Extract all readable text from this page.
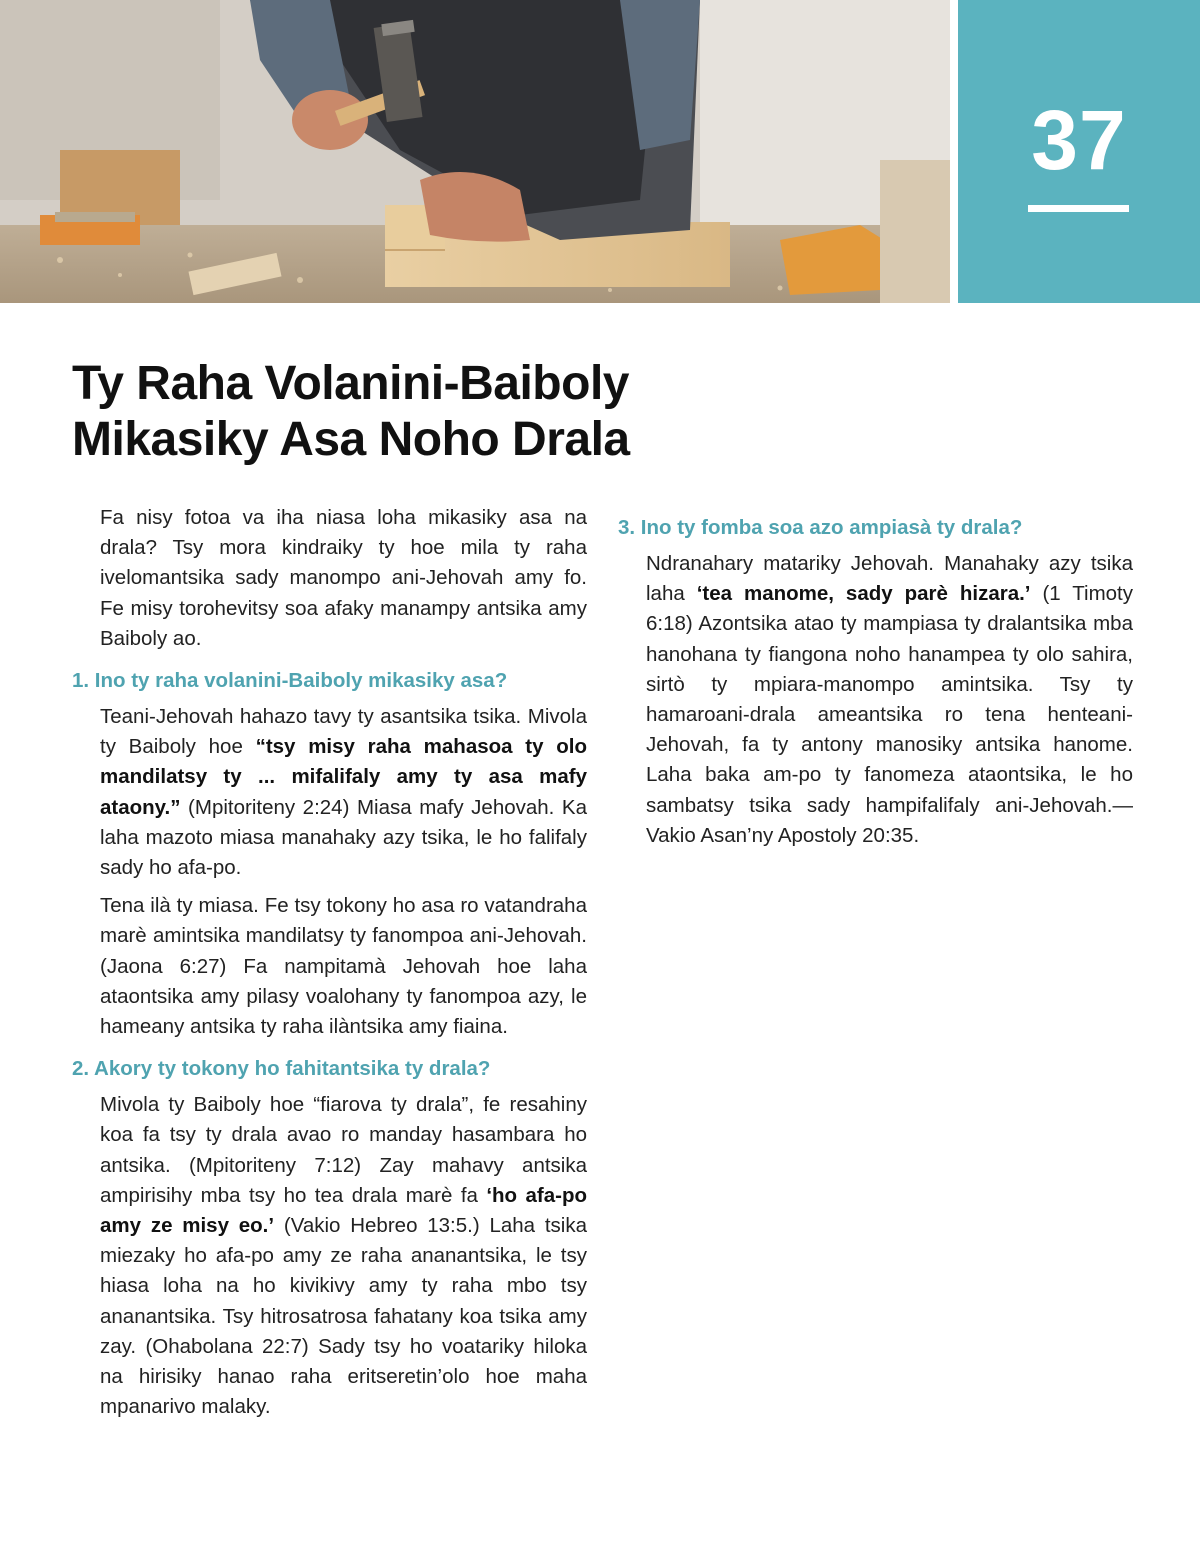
37
Ty Raha Volanini-Baiboly
Mikasiky Asa Noho Drala

Fa nisy fotoa va iha niasa loha mikasiky asa na drala? Tsy mora kindraiky ty hoe mila ty raha ivelomantsika sady manompo ani-Jehovah amy fo. Fe misy torohevitsy soa afaky manampy antsika amy Baiboly ao.

1. Ino ty raha volanini-Baiboly mikasiky asa?

Teani-Jehovah hahazo tavy ty asantsika tsika. Mivola ty Baiboly hoe “tsy misy raha mahasoa ty olo mandilatsy ty ... mifalifaly amy ty asa mafy ataony.” (Mpitoriteny 2:24) Miasa mafy Jehovah. Ka laha mazoto miasa manahaky azy tsika, le ho falifaly sady ho afa-po.

Tena ilà ty miasa. Fe tsy tokony ho asa ro vatandraha marè amintsika mandilatsy ty fanompoa ani-Jehovah. (Jaona 6:27) Fa nampitamà Jehovah hoe laha ataontsika amy pilasy voalohany ty fanompoa azy, le hameany antsika ty raha ilàntsika amy fiaina.

2. Akory ty tokony ho fahitantsika ty drala?

Mivola ty Baiboly hoe “fiarova ty drala”, fe resahiny koa fa tsy ty drala avao ro manday hasambara ho antsika. (Mpitoriteny 7:12) Zay mahavy antsika ampirisihy mba tsy ho tea drala marè fa ‘ho afa-po amy ze misy eo.’ (Vakio Hebreo 13:5.) Laha tsika miezaky ho afa-po amy ze raha ananantsika, le tsy hiasa loha na ho kivikivy amy ty raha mbo tsy ananantsika. Tsy hitrosatrosa fahatany koa tsika amy zay. (Ohabolana 22:7) Sady tsy ho voatariky hiloka na hirisiky hanao raha eritseretin’olo hoe maha mpanarivo malaky.

3. Ino ty fomba soa azo ampiasà ty drala?

Ndranahary matariky Jehovah. Manahaky azy tsika laha ‘tea manome, sady parè hizara.’ (1 Timoty 6:18) Azontsika atao ty mampiasa ty dralantsika mba hanohana ty fiangona noho hanampea ty olo sahira, sirtò ty mpiara-manompo amintsika. Tsy ty hamaroani-drala ameantsika ro tena henteani-Jehovah, fa ty antony manosiky antsika hanome. Laha baka am-po ty fanomeza ataontsika, le ho sambatsy tsika sady hampifalifaly ani-Jehovah.—Vakio Asan’ny Apostoly 20:35.
